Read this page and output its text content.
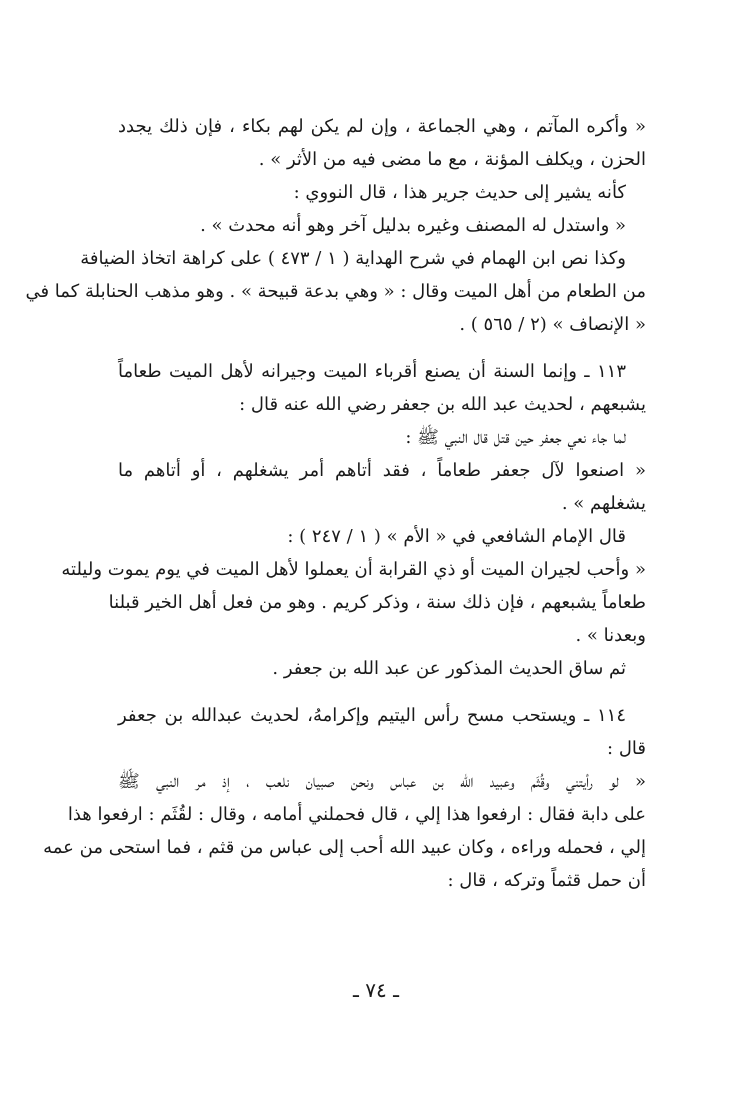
« وأكره المآتم ، وهي الجماعة ، وإن لم يكن لهم بكاء ، فإن ذلك يجدد
الحزن ، ويكلف المؤنة ، مع ما مضى فيه من الأثر » .
كأنه يشير إلى حديث جرير هذا ، قال النووي :
« واستدل له المصنف وغيره بدليل آخر وهو أنه محدث » .
وكذا نص ابن الهمام في شرح الهداية ( ١ / ٤٧٣ ) على كراهة اتخاذ الضيافة
من الطعام من أهل الميت وقال : « وهي بدعة قبيحة » . وهو مذهب الحنابلة كما في
« الإنصاف » (٢ / ٥٦٥ ) .
١١٣ ـ وإنما السنة أن يصنع أقرباء الميت وجيرانه لأهل الميت طعاماً
يشبعهم ، لحديث عبد الله بن جعفر رضي الله عنه قال :
لما جاء نعي جعفر حين قتل قال النبي ﷺ :
« اصنعوا لآل جعفر طعاماً ، فقد أتاهم أمر يشغلهم ، أو أتاهم ما
يشغلهم » .
قال الإمام الشافعي في « الأم » ( ١ / ٢٤٧ ) :
« وأحب لجيران الميت أو ذي القرابة أن يعملوا لأهل الميت في يوم يموت وليلته
طعاماً يشبعهم ، فإن ذلك سنة ، وذكر كريم . وهو من فعل أهل الخير قبلنا
وبعدنا » .
ثم ساق الحديث المذكور عن عبد الله بن جعفر .
١١٤ ـ ويستحب مسح رأس اليتيم وإكرامهُ، لحديث عبدالله بن جعفر
قال :
« لو رأيتني وقُثَم وعبيد الله بن عباس ونحن صبيان نلعب ، إذ مر النبي ﷺ
على دابة فقال : ارفعوا هذا إلي ، قال فحملني أمامه ، وقال : لقُثَم : ارفعوا هذا
إلي ، فحمله وراءه ، وكان عبيد الله أحب إلى عباس من قثم ، فما استحى من عمه
أن حمل قثماً وتركه ، قال :
ـ ٧٤ ـ
